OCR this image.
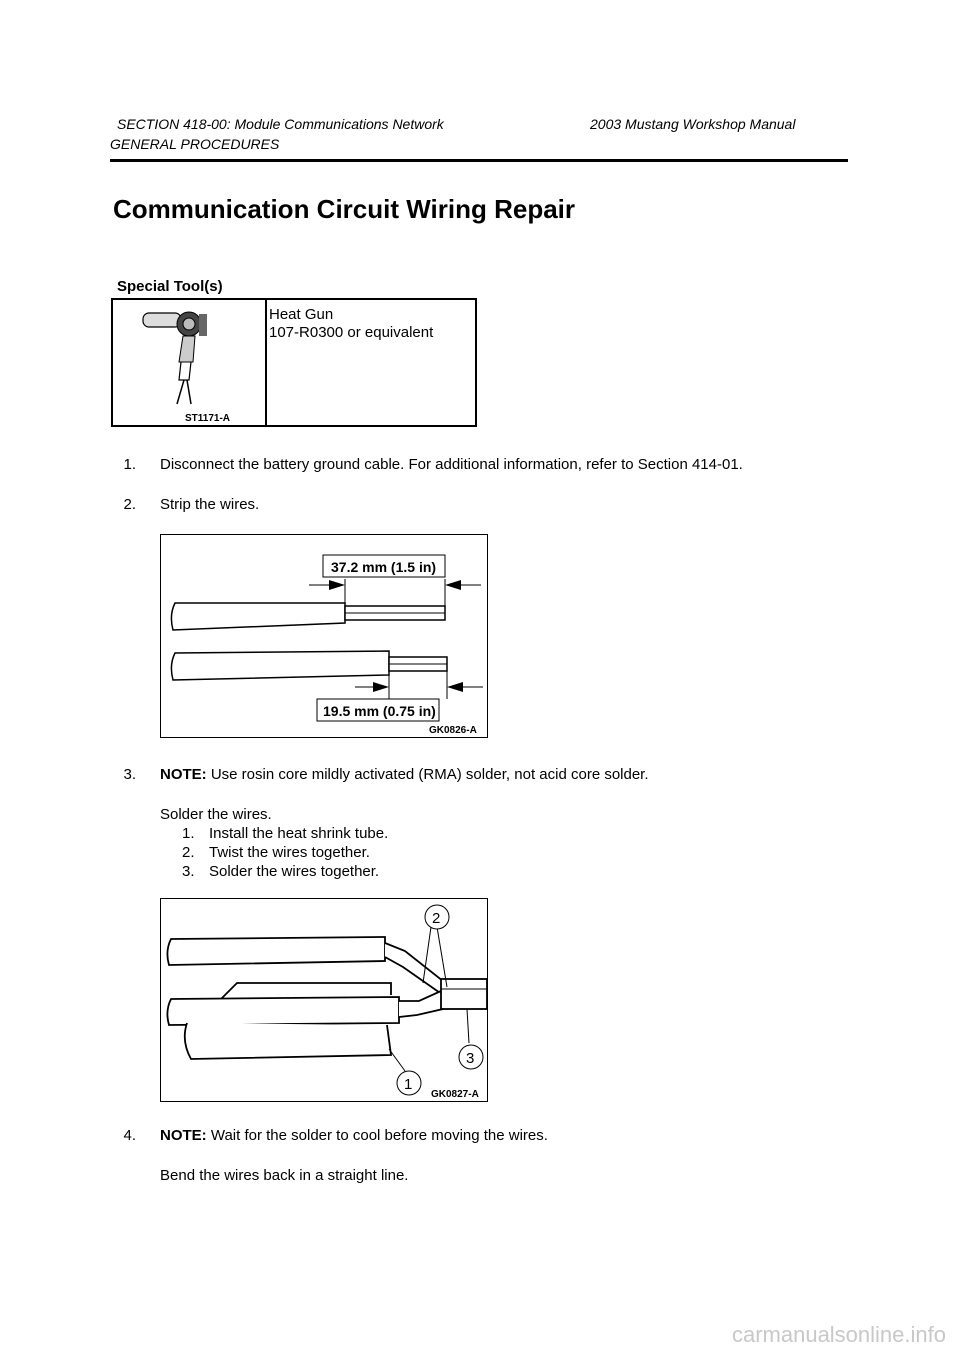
SECTION 418-00: Module Communications Network	2003 Mustang Workshop Manual
GENERAL PROCEDURES
Communication Circuit Wiring Repair
Special Tool(s)
ST1171-A
Heat Gun
107-R0300 or equivalent
1. Disconnect the battery ground cable. For additional information, refer to Section 414-01.
2. Strip the wires.
37.2 mm (1.5 in)
19.5 mm (0.75 in)
GK0826-A
3. NOTE: Use rosin core mildly activated (RMA) solder, not acid core solder.
Solder the wires.
1. Install the heat shrink tube.
2. Twist the wires together.
3. Solder the wires together.
2
3
1
GK0827-A
4. NOTE: Wait for the solder to cool before moving the wires.
Bend the wires back in a straight line.
carmanualsonline.info
